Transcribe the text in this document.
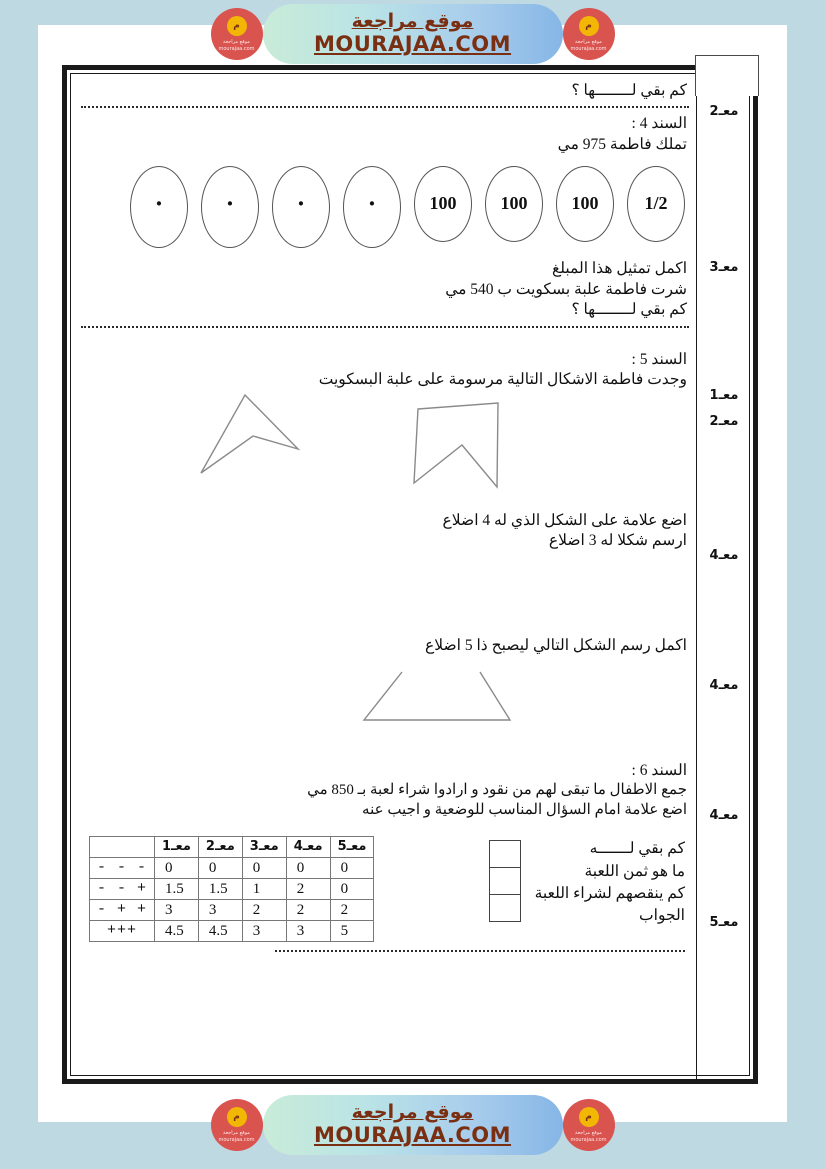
معـ2
معـ3
معـ1
معـ2
معـ4
معـ4
معـ4
معـ5
كم بقي لــــــــها ؟
السند 4 :
تملك فاطمة 975 مي
1/2
100
100
100
·
·
·
·
اكمل تمثيل هذا المبلغ
شرت فاطمة علبة بسكويت ب 540 مي
كم بقي لــــــــها ؟
السند 5 :
وجدت فاطمة الاشكال التالية مرسومة على علبة البسكويت
اضع علامة على الشكل الذي له 4 اضلاع
ارسم شكلا له 3 اضلاع
اكمل رسم الشكل التالي ليصبح ذا 5 اضلاع
السند 6 :
جمع الاطفال ما تبقى لهم من نقود و ارادوا شراء لعبة بـ 850 مي
اضع علامة امام السؤال المناسب للوضعية و اجيب عنه
كم بقي لـــــــه
ما هو ثمن اللعبة
كم ينقصهم لشراء اللعبة
الجواب
معـ5	معـ4	معـ3	معـ2	معـ1	
0	0	0	0	0	- - -
0	2	1	1.5	1.5	+ - -
2	2	2	3	3	+ + -
5	3	3	4.5	4.5	+++
م
موقع مراجعة
mourajaa.com
موقع مراجعة
MOURAJAA.COM
م
موقع مراجعة
mourajaa.com
م
موقع مراجعة
mourajaa.com
موقع مراجعة
MOURAJAA.COM
م
موقع مراجعة
mourajaa.com
